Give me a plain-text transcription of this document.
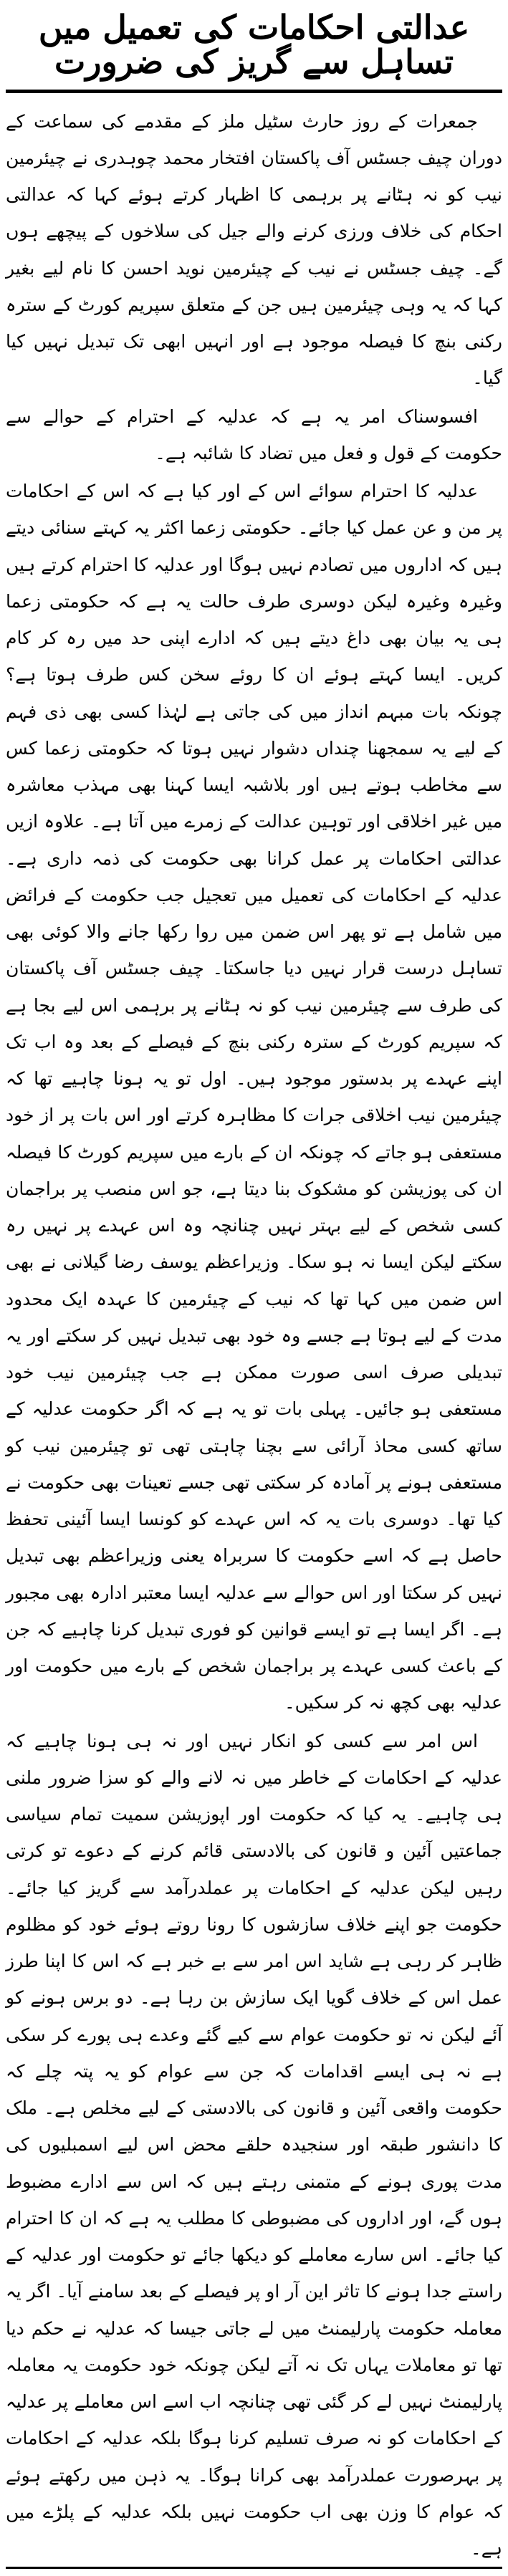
عدالتی احکامات کی تعمیل میں تساہل سے گریز کی ضرورت

جمعرات کے روز حارث سٹیل ملز کے مقدمے کی سماعت کے دوران چیف جسٹس آف پاکستان افتخار محمد چوہدری نے چیئرمین نیب کو نہ ہٹانے پر برہمی کا اظہار کرتے ہوئے کہا کہ عدالتی احکام کی خلاف ورزی کرنے والے جیل کی سلاخوں کے پیچھے ہوں گے۔ چیف جسٹس نے نیب کے چیئرمین نوید احسن کا نام لیے بغیر کہا کہ یہ وہی چیئرمین ہیں جن کے متعلق سپریم کورٹ کے سترہ رکنی بنچ کا فیصلہ موجود ہے اور انہیں ابھی تک تبدیل نہیں کیا گیا۔

افسوسناک امر یہ ہے کہ عدلیہ کے احترام کے حوالے سے حکومت کے قول و فعل میں تضاد کا شائبہ ہے۔

عدلیہ کا احترام سوائے اس کے اور کیا ہے کہ اس کے احکامات پر من و عن عمل کیا جائے۔ حکومتی زعما اکثر یہ کہتے سنائی دیتے ہیں کہ اداروں میں تصادم نہیں ہوگا اور عدلیہ کا احترام کرتے ہیں وغیرہ وغیرہ لیکن دوسری طرف حالت یہ ہے کہ حکومتی زعما ہی یہ بیان بھی داغ دیتے ہیں کہ ادارے اپنی حد میں رہ کر کام کریں۔ ایسا کہتے ہوئے ان کا روئے سخن کس طرف ہوتا ہے؟ چونکہ بات مبہم انداز میں کی جاتی ہے لہٰذا کسی بھی ذی فہم کے لیے یہ سمجھنا چنداں دشوار نہیں ہوتا کہ حکومتی زعما کس سے مخاطب ہوتے ہیں اور بلاشبہ ایسا کہنا بھی مہذب معاشرہ میں غیر اخلاقی اور توہین عدالت کے زمرے میں آتا ہے۔ علاوہ ازیں عدالتی احکامات پر عمل کرانا بھی حکومت کی ذمہ داری ہے۔ عدلیہ کے احکامات کی تعمیل میں تعجیل جب حکومت کے فرائض میں شامل ہے تو پھر اس ضمن میں روا رکھا جانے والا کوئی بھی تساہل درست قرار نہیں دیا جاسکتا۔ چیف جسٹس آف پاکستان کی طرف سے چیئرمین نیب کو نہ ہٹانے پر برہمی اس لیے بجا ہے کہ سپریم کورٹ کے سترہ رکنی بنچ کے فیصلے کے بعد وہ اب تک اپنے عہدے پر بدستور موجود ہیں۔ اول تو یہ ہونا چاہیے تھا کہ چیئرمین نیب اخلاقی جرات کا مظاہرہ کرتے اور اس بات پر از خود مستعفی ہو جاتے کہ چونکہ ان کے بارے میں سپریم کورٹ کا فیصلہ ان کی پوزیشن کو مشکوک بنا دیتا ہے، جو اس منصب پر براجمان کسی شخص کے لیے بہتر نہیں چنانچہ وہ اس عہدے پر نہیں رہ سکتے لیکن ایسا نہ ہو سکا۔ وزیراعظم یوسف رضا گیلانی نے بھی اس ضمن میں کہا تھا کہ نیب کے چیئرمین کا عہدہ ایک محدود مدت کے لیے ہوتا ہے جسے وہ خود بھی تبدیل نہیں کر سکتے اور یہ تبدیلی صرف اسی صورت ممکن ہے جب چیئرمین نیب خود مستعفی ہو جائیں۔ پہلی بات تو یہ ہے کہ اگر حکومت عدلیہ کے ساتھ کسی محاذ آرائی سے بچنا چاہتی تھی تو چیئرمین نیب کو مستعفی ہونے پر آمادہ کر سکتی تھی جسے تعینات بھی حکومت نے کیا تھا۔ دوسری بات یہ کہ اس عہدے کو کونسا ایسا آئینی تحفظ حاصل ہے کہ اسے حکومت کا سربراہ یعنی وزیراعظم بھی تبدیل نہیں کر سکتا اور اس حوالے سے عدلیہ ایسا معتبر ادارہ بھی مجبور ہے۔ اگر ایسا ہے تو ایسے قوانین کو فوری تبدیل کرنا چاہیے کہ جن کے باعث کسی عہدے پر براجمان شخص کے بارے میں حکومت اور عدلیہ بھی کچھ نہ کر سکیں۔

اس امر سے کسی کو انکار نہیں اور نہ ہی ہونا چاہیے کہ عدلیہ کے احکامات کے خاطر میں نہ لانے والے کو سزا ضرور ملنی ہی چاہیے۔ یہ کیا کہ حکومت اور اپوزیشن سمیت تمام سیاسی جماعتیں آئین و قانون کی بالادستی قائم کرنے کے دعوے تو کرتی رہیں لیکن عدلیہ کے احکامات پر عملدرآمد سے گریز کیا جائے۔ حکومت جو اپنے خلاف سازشوں کا رونا روتے ہوئے خود کو مظلوم ظاہر کر رہی ہے شاید اس امر سے بے خبر ہے کہ اس کا اپنا طرز عمل اس کے خلاف گویا ایک سازش بن رہا ہے۔ دو برس ہونے کو آئے لیکن نہ تو حکومت عوام سے کیے گئے وعدے ہی پورے کر سکی ہے نہ ہی ایسے اقدامات کہ جن سے عوام کو یہ پتہ چلے کہ حکومت واقعی آئین و قانون کی بالادستی کے لیے مخلص ہے۔ ملک کا دانشور طبقہ اور سنجیدہ حلقے محض اس لیے اسمبلیوں کی مدت پوری ہونے کے متمنی رہتے ہیں کہ اس سے ادارے مضبوط ہوں گے، اور اداروں کی مضبوطی کا مطلب یہ ہے کہ ان کا احترام کیا جائے۔ اس سارے معاملے کو دیکھا جائے تو حکومت اور عدلیہ کے راستے جدا ہونے کا تاثر این آر او پر فیصلے کے بعد سامنے آیا۔ اگر یہ معاملہ حکومت پارلیمنٹ میں لے جاتی جیسا کہ عدلیہ نے حکم دیا تھا تو معاملات یہاں تک نہ آتے لیکن چونکہ خود حکومت یہ معاملہ پارلیمنٹ نہیں لے کر گئی تھی چنانچہ اب اسے اس معاملے پر عدلیہ کے احکامات کو نہ صرف تسلیم کرنا ہوگا بلکہ عدلیہ کے احکامات پر بہرصورت عملدرآمد بھی کرانا ہوگا۔ یہ ذہن میں رکھتے ہوئے کہ عوام کا وزن بھی اب حکومت نہیں بلکہ عدلیہ کے پلڑے میں ہے۔
